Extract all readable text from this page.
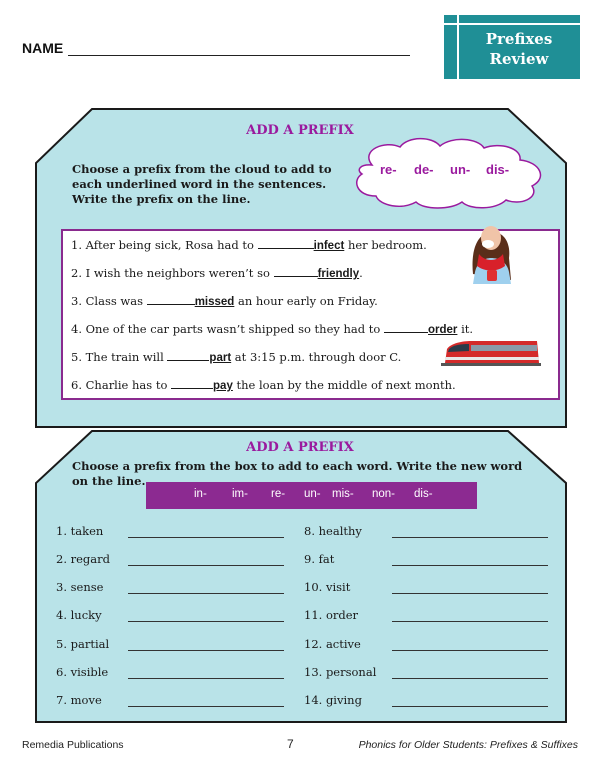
NAME	Prefixes
Review
ADD A PREFIX
Choose a prefix from the cloud to add to each underlined word in the sentences. Write the prefix on the line.
re- de- un- dis-
1. After being sick, Rosa had to	infect her bedroom.
2. I wish the neighbors weren’t so	friendly.
3. Class was	missed an hour early on Friday.
4. One of the car parts wasn’t shipped so they had to	order it.
5. The train will	part at 3:15 p.m. through door C.
6. Charlie has to	pay the loan by the middle of next month.
ADD A PREFIX
Choose a prefix from the box to add to each word. Write the new word on the line.
in- im- re- un- mis- non- dis-
1. taken
2. regard
3. sense
4. lucky
5. partial
6. visible
7. move
8. healthy
9. fat
10. visit
11. order
12. active
13. personal
14. giving
Remedia Publications	7	Phonics for Older Students: Prefixes & Suffixes
